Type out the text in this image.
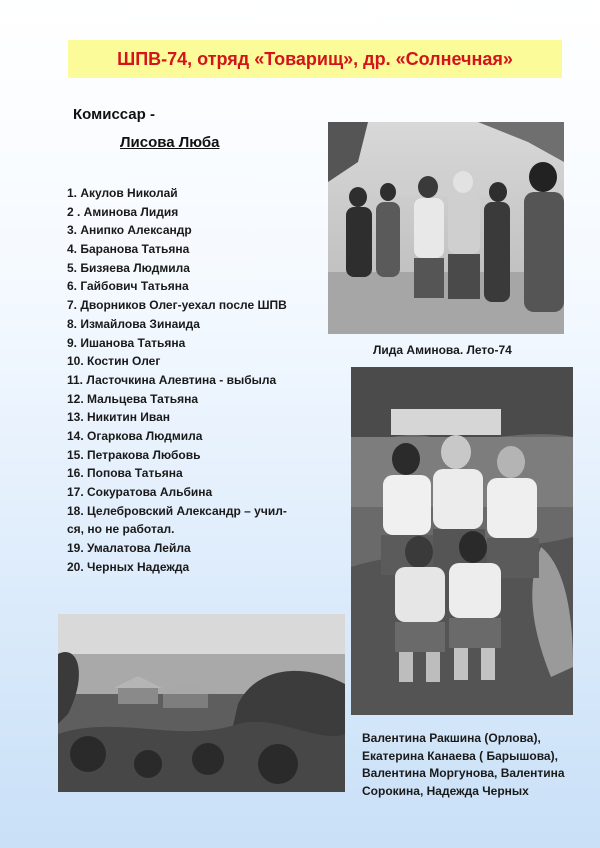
ШПВ-74, отряд «Товарищ», др. «Солнечная»
Комиссар -
Лисова Люба
1. Акулов Николай
2 . Аминова Лидия
3. Анипко Александр
4. Баранова Татьяна
5. Бизяева Людмила
6. Гайбович Татьяна
7. Дворников Олег-уехал после ШПВ
8. Измайлова Зинаида
9. Ишанова Татьяна
10. Костин Олег
11. Ласточкина Алевтина - выбыла
12. Мальцева Татьяна
13. Никитин Иван
14. Огаркова Людмила
15. Петракова Любовь
16. Попова Татьяна
17. Сокуратова Альбина
18. Целебровский Александр – учил-
ся, но не работал.
19. Умалатова Лейла
20. Черных Надежда
Лида Аминова. Лето-74
Валентина Ракшина (Орлова),
Екатерина Канаева ( Барышова),
Валентина Моргунова, Валентина
Сорокина, Надежда Черных
